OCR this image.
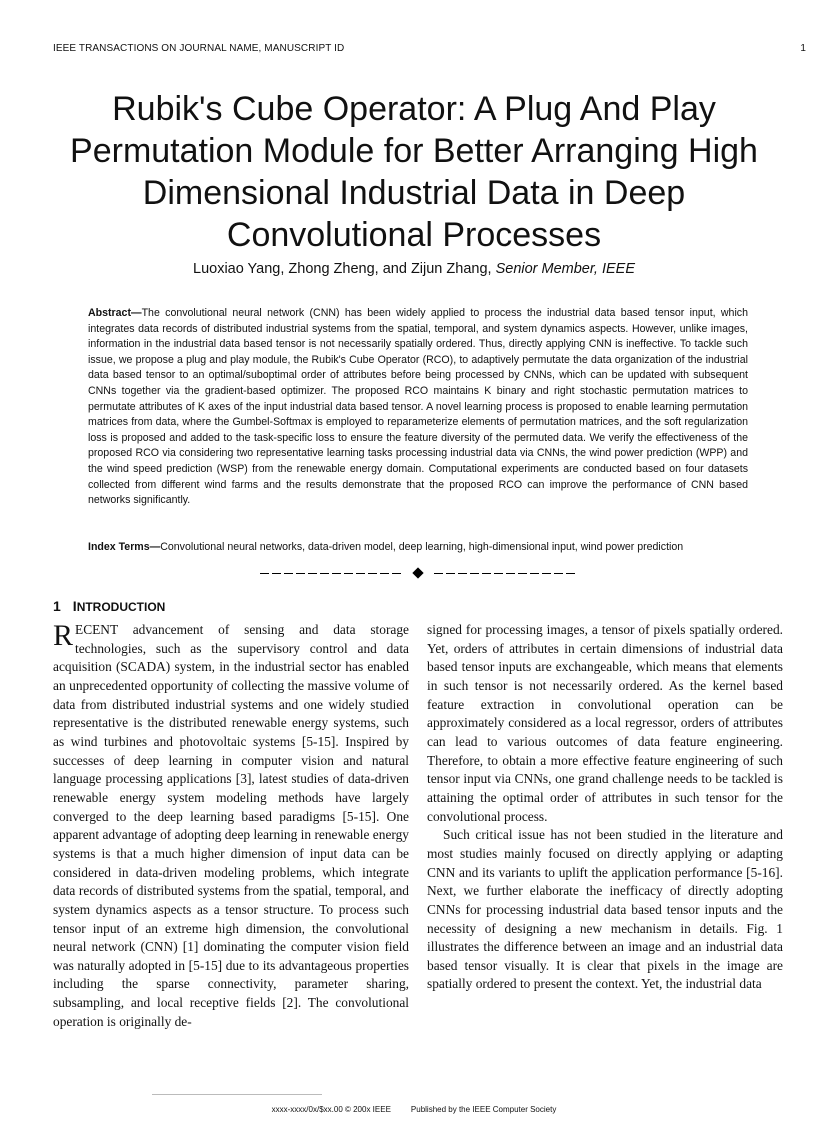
IEEE TRANSACTIONS ON JOURNAL NAME, MANUSCRIPT ID	1
Rubik's Cube Operator: A Plug And Play Permutation Module for Better Arranging High Dimensional Industrial Data in Deep Convolutional Processes
Luoxiao Yang, Zhong Zheng, and Zijun Zhang, Senior Member, IEEE

Abstract—The convolutional neural network (CNN) has been widely applied to process the industrial data based tensor input, which integrates data records of distributed industrial systems from the spatial, temporal, and system dynamics aspects. However, unlike images, information in the industrial data based tensor is not necessarily spatially ordered. Thus, directly applying CNN is ineffective. To tackle such issue, we propose a plug and play module, the Rubik's Cube Operator (RCO), to adaptively permutate the data organization of the industrial data based tensor to an optimal/suboptimal order of attributes before being processed by CNNs, which can be updated with subsequent CNNs together via the gradient-based optimizer. The proposed RCO maintains K binary and right stochastic permutation matrices to permutate attributes of K axes of the input industrial data based tensor. A novel learning process is proposed to enable learning permutation matrices from data, where the Gumbel-Softmax is employed to reparameterize elements of permutation matrices, and the soft regularization loss is proposed and added to the task-specific loss to ensure the feature diversity of the permuted data. We verify the effectiveness of the proposed RCO via considering two representative learning tasks processing industrial data via CNNs, the wind power prediction (WPP) and the wind speed prediction (WSP) from the renewable energy domain. Computational experiments are conducted based on four datasets collected from different wind farms and the results demonstrate that the proposed RCO can improve the performance of CNN based networks significantly.

Index Terms—Convolutional neural networks, data-driven model, deep learning, high-dimensional input, wind power prediction

1 INTRODUCTION

RECENT advancement of sensing and data storage technologies, such as the supervisory control and data acquisition (SCADA) system, in the industrial sector has enabled an unprecedented opportunity of collecting the massive volume of data from distributed industrial systems and one widely studied representative is the distributed renewable energy systems, such as wind turbines and photovoltaic systems [5-15]. Inspired by successes of deep learning in computer vision and natural language processing applications [3], latest studies of data-driven renewable energy system modeling methods have largely converged to the deep learning based paradigms [5-15]. One apparent advantage of adopting deep learning in renewable energy systems is that a much higher dimension of input data can be considered in data-driven modeling problems, which integrate data records of distributed systems from the spatial, temporal, and system dynamics aspects as a tensor structure. To process such tensor input of an extreme high dimension, the convolutional neural network (CNN) [1] dominating the computer vision field was naturally adopted in [5-15] due to its advantageous properties including the sparse connectivity, parameter sharing, subsampling, and local receptive fields [2]. The convolutional operation is originally de-

signed for processing images, a tensor of pixels spatially ordered. Yet, orders of attributes in certain dimensions of industrial data based tensor inputs are exchangeable, which means that elements in such tensor is not necessarily ordered. As the kernel based feature extraction in convolutional operation can be approximately considered as a local regressor, orders of attributes can lead to various outcomes of data feature engineering. Therefore, to obtain a more effective feature engineering of such tensor input via CNNs, one grand challenge needs to be tackled is attaining the optimal order of attributes in such tensor for the convolutional process.

Such critical issue has not been studied in the literature and most studies mainly focused on directly applying or adapting CNN and its variants to uplift the application performance [5-16]. Next, we further elaborate the inefficacy of directly adopting CNNs for processing industrial data based tensor inputs and the necessity of designing a new mechanism in details. Fig. 1 illustrates the difference between an image and an industrial data based tensor visually. It is clear that pixels in the image are spatially ordered to present the context. Yet, the industrial data

xxxx-xxxx/0x/$xx.00 © 200x IEEE	Published by the IEEE Computer Society
